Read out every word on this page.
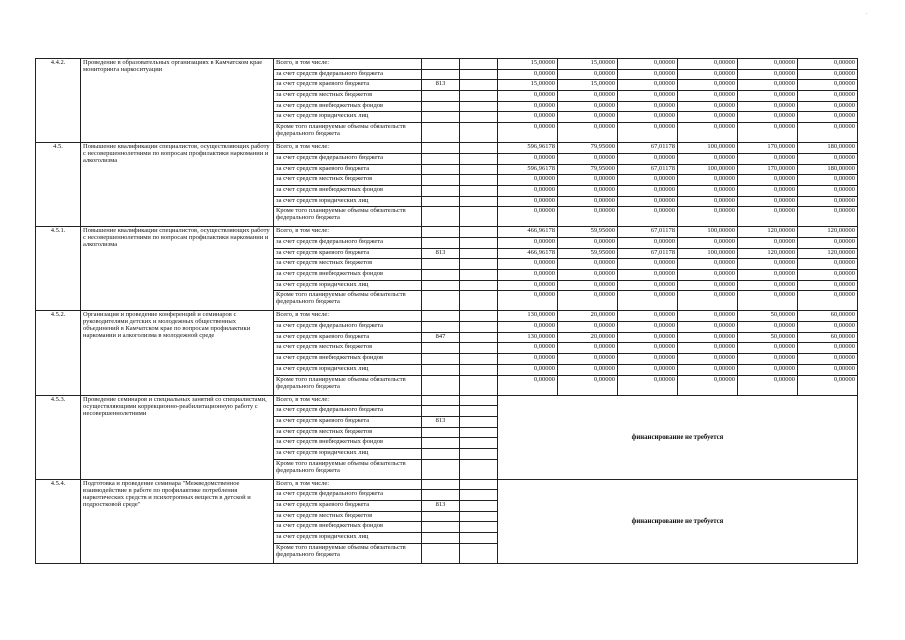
.
4.4.2.	Проведение в образовательных организациях в Камчатском крае мониторинга наркоситуации	Всего, в том числе:			15,00000	15,00000	0,00000	0,00000	0,00000	0,00000
		за счет средств федерального бюджета			0,00000	0,00000	0,00000	0,00000	0,00000	0,00000
		за счет средств краевого бюджета	813		15,00000	15,00000	0,00000	0,00000	0,00000	0,00000
		за счет средств местных бюджетов			0,00000	0,00000	0,00000	0,00000	0,00000	0,00000
		за счет средств внебюджетных фондов			0,00000	0,00000	0,00000	0,00000	0,00000	0,00000
		за счет средств юридических лиц			0,00000	0,00000	0,00000	0,00000	0,00000	0,00000
		Кроме того планируемые объемы обязательств федерального бюджета			0,00000	0,00000	0,00000	0,00000	0,00000	0,00000
4.5.	Повышение квалификации специалистов, осуществляющих работу с несовершеннолетними по вопросам профилактики наркомании и алкоголизма	Всего, в том числе:			596,96178	79,95000	67,01178	100,00000	170,00000	180,00000
		за счет средств федерального бюджета			0,00000	0,00000	0,00000	0,00000	0,00000	0,00000
		за счет средств краевого бюджета			596,96178	79,95000	67,01178	100,00000	170,00000	180,00000
		за счет средств местных бюджетов			0,00000	0,00000	0,00000	0,00000	0,00000	0,00000
		за счет средств внебюджетных фондов			0,00000	0,00000	0,00000	0,00000	0,00000	0,00000
		за счет средств юридических лиц			0,00000	0,00000	0,00000	0,00000	0,00000	0,00000
		Кроме того планируемые объемы обязательств федерального бюджета			0,00000	0,00000	0,00000	0,00000	0,00000	0,00000
4.5.1.	Повышение квалификации специалистов, осуществляющих работу с несовершеннолетними по вопросам профилактики наркомании и алкоголизма	Всего, в том числе:			466,96178	59,95000	67,01178	100,00000	120,00000	120,00000
		за счет средств федерального бюджета			0,00000	0,00000	0,00000	0,00000	0,00000	0,00000
		за счет средств краевого бюджета	813		466,96178	59,95000	67,01178	100,00000	120,00000	120,00000
		за счет средств местных бюджетов			0,00000	0,00000	0,00000	0,00000	0,00000	0,00000
		за счет средств внебюджетных фондов			0,00000	0,00000	0,00000	0,00000	0,00000	0,00000
		за счет средств юридических лиц			0,00000	0,00000	0,00000	0,00000	0,00000	0,00000
		Кроме того планируемые объемы обязательств федерального бюджета			0,00000	0,00000	0,00000	0,00000	0,00000	0,00000
4.5.2.	Организация и проведение конференций и семинаров с руководителями детских и молодежных общественных объединений в Камчатском крае по вопросам профилактики наркомании и алкоголизма в молодежной среде	Всего, в том числе:			130,00000	20,00000	0,00000	0,00000	50,00000	60,00000
		за счет средств федерального бюджета			0,00000	0,00000	0,00000	0,00000	0,00000	0,00000
		за счет средств краевого бюджета	847		130,00000	20,00000	0,00000	0,00000	50,00000	60,00000
		за счет средств местных бюджетов			0,00000	0,00000	0,00000	0,00000	0,00000	0,00000
		за счет средств внебюджетных фондов			0,00000	0,00000	0,00000	0,00000	0,00000	0,00000
		за счет средств юридических лиц			0,00000	0,00000	0,00000	0,00000	0,00000	0,00000
		Кроме того планируемые объемы обязательств федерального бюджета			0,00000	0,00000	0,00000	0,00000	0,00000	0,00000
4.5.3.	Проведение семинаров и специальных занятий со специалистами, осуществляющими коррекционно-реабилитационную работу с несовершеннолетними	Всего, в том числе:			финансирование не требуется					
		за счет средств федерального бюджета								
		за счет средств краевого бюджета	813							
		за счет средств местных бюджетов								
		за счет средств внебюджетных фондов								
		за счет средств юридических лиц								
		Кроме того планируемые объемы обязательств федерального бюджета								
4.5.4.	Подготовка и проведение семинара "Межведомственное взаимодействие в работе по профилактике потребления наркотических средств и психотропных веществ в детской и подростковой среде"	Всего, в том числе:			финансирование не требуется					
		за счет средств федерального бюджета								
		за счет средств краевого бюджета	813							
		за счет средств местных бюджетов								
		за счет средств внебюджетных фондов								
		за счет средств юридических лиц								
		Кроме того планируемые объемы обязательств федерального бюджета								
